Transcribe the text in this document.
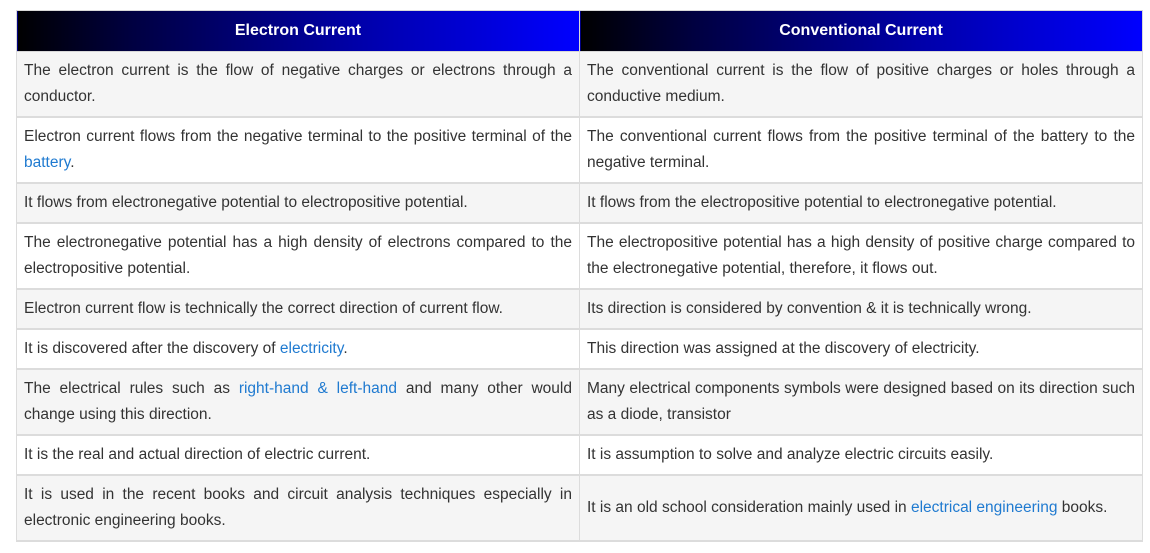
Electron Current	Conventional Current
The electron current is the flow of negative charges or electrons through a conductor.	The conventional current is the flow of positive charges or holes through a conductive medium.
Electron current flows from the negative terminal to the positive terminal of the battery.	The conventional current flows from the positive terminal of the battery to the negative terminal.
It flows from electronegative potential to electropositive potential.	It flows from the electropositive potential to electronegative potential.
The electronegative potential has a high density of electrons compared to the electropositive potential.	The electropositive potential has a high density of positive charge compared to the electronegative potential, therefore, it flows out.
Electron current flow is technically the correct direction of current flow.	Its direction is considered by convention & it is technically wrong.
It is discovered after the discovery of electricity.	This direction was assigned at the discovery of electricity.
The electrical rules such as right-hand & left-hand and many other would change using this direction.	Many electrical components symbols were designed based on its direction such as a diode, transistor
It is the real and actual direction of electric current.	It is assumption to solve and analyze electric circuits easily.
It is used in the recent books and circuit analysis techniques especially in electronic engineering books.	It is an old school consideration mainly used in electrical engineering books.
